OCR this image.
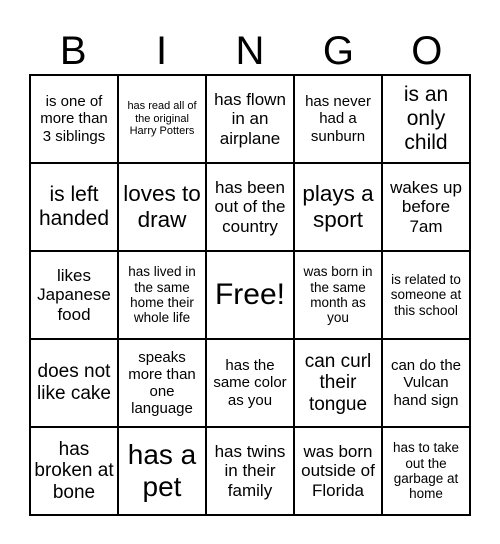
B	I	N	G	O
is one of more than 3 siblings
has read all of the original Harry Potters
has flown in an airplane
has never had a sunburn
is an only child
is left handed
loves to draw
has been out of the country
plays a sport
wakes up before 7am
likes Japanese food
has lived in the same home their whole life
Free!
was born in the same month as you
is related to someone at this school
does not like cake
speaks more than one language
has the same color as you
can curl their tongue
can do the Vulcan hand sign
has broken at bone
has a pet
has twins in their family
was born outside of Florida
has to take out the garbage at home
